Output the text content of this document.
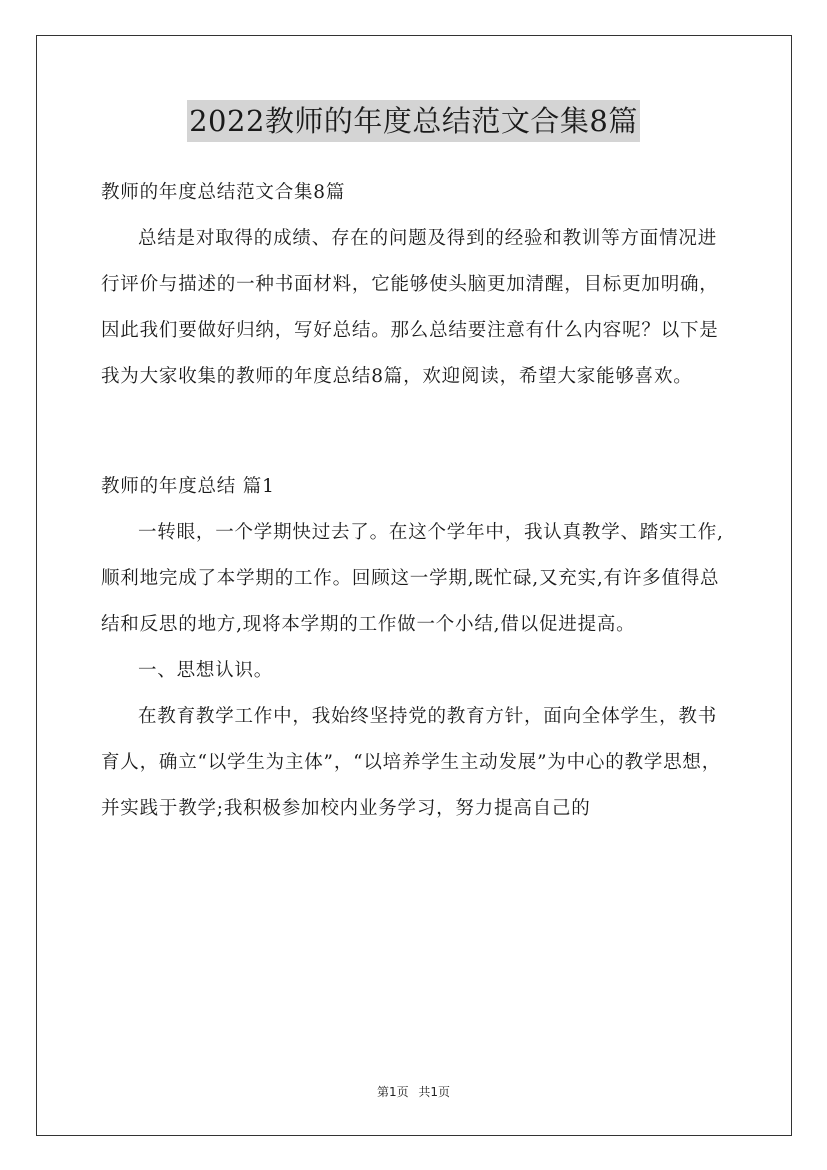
2022教师的年度总结范文合集8篇

教师的年度总结范文合集8篇

总结是对取得的成绩、存在的问题及得到的经验和教训等方面情况进行评价与描述的一种书面材料，它能够使头脑更加清醒，目标更加明确，因此我们要做好归纳，写好总结。那么总结要注意有什么内容呢？以下是我为大家收集的教师的年度总结8篇，欢迎阅读，希望大家能够喜欢。

教师的年度总结 篇1

一转眼，一个学期快过去了。在这个学年中，我认真教学、踏实工作,顺利地完成了本学期的工作。回顾这一学期,既忙碌,又充实,有许多值得总结和反思的地方,现将本学期的工作做一个小结,借以促进提高。

一、思想认识。

在教育教学工作中，我始终坚持党的教育方针，面向全体学生，教书育人，确立“以学生为主体”，“以培养学生主动发展”为中心的教学思想，并实践于教学;我积极参加校内业务学习，努力提高自己的

第1页 共1页
